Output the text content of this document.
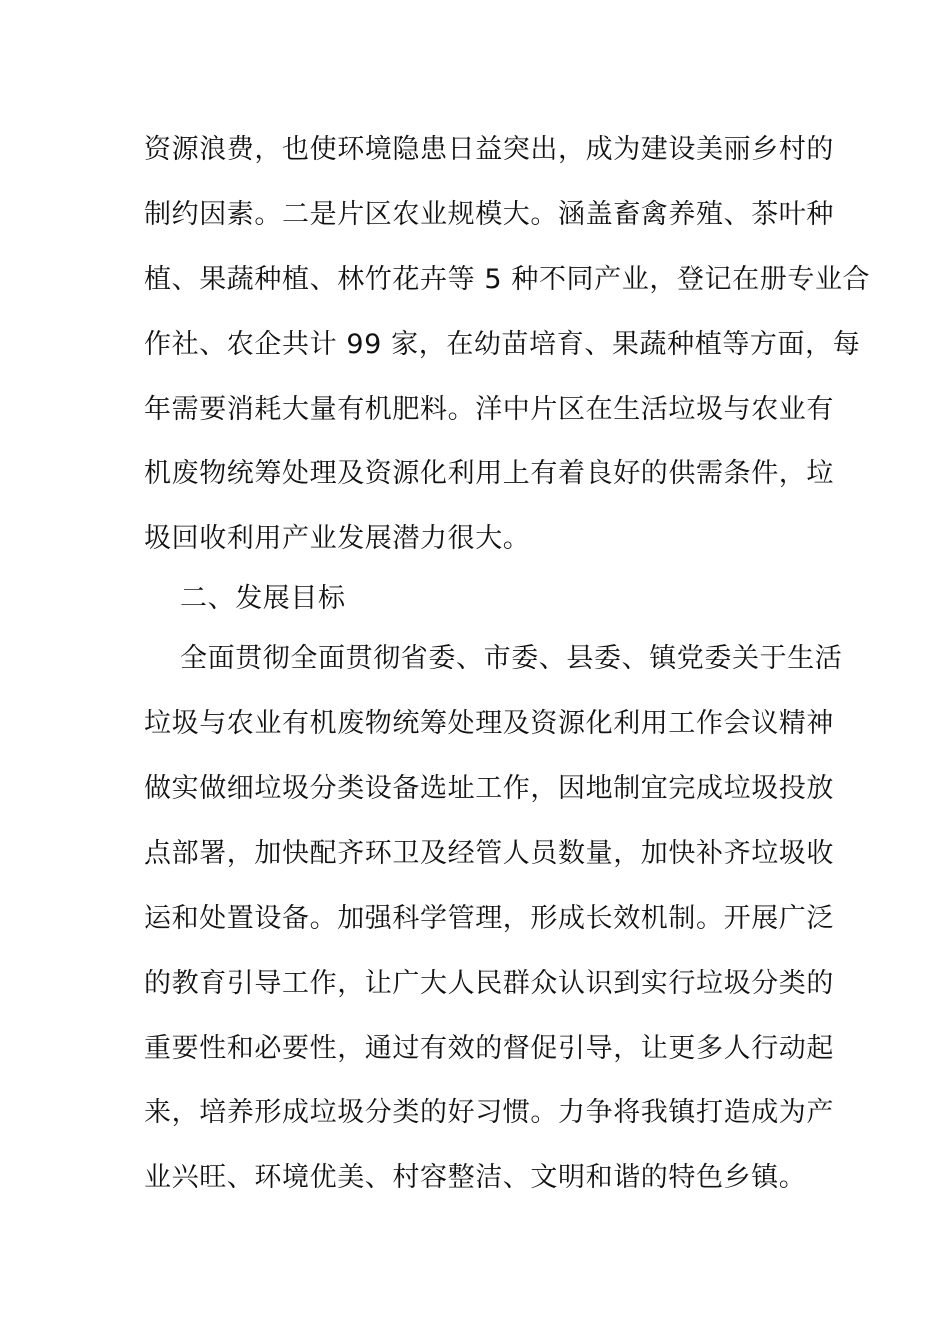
资源浪费，也使环境隐患日益突出，成为建设美丽乡村的
制约因素。二是片区农业规模大。涵盖畜禽养殖、茶叶种
植、果蔬种植、林竹花卉等 5 种不同产业，登记在册专业合
作社、农企共计 99 家，在幼苗培育、果蔬种植等方面，每
年需要消耗大量有机肥料。洋中片区在生活垃圾与农业有
机废物统筹处理及资源化利用上有着良好的供需条件，垃
圾回收利用产业发展潜力很大。
二、发展目标
全面贯彻全面贯彻省委、市委、县委、镇党委关于生活
垃圾与农业有机废物统筹处理及资源化利用工作会议精神
做实做细垃圾分类设备选址工作，因地制宜完成垃圾投放
点部署，加快配齐环卫及经管人员数量，加快补齐垃圾收
运和处置设备。加强科学管理，形成长效机制。开展广泛
的教育引导工作，让广大人民群众认识到实行垃圾分类的
重要性和必要性，通过有效的督促引导，让更多人行动起
来，培养形成垃圾分类的好习惯。力争将我镇打造成为产
业兴旺、环境优美、村容整洁、文明和谐的特色乡镇。
